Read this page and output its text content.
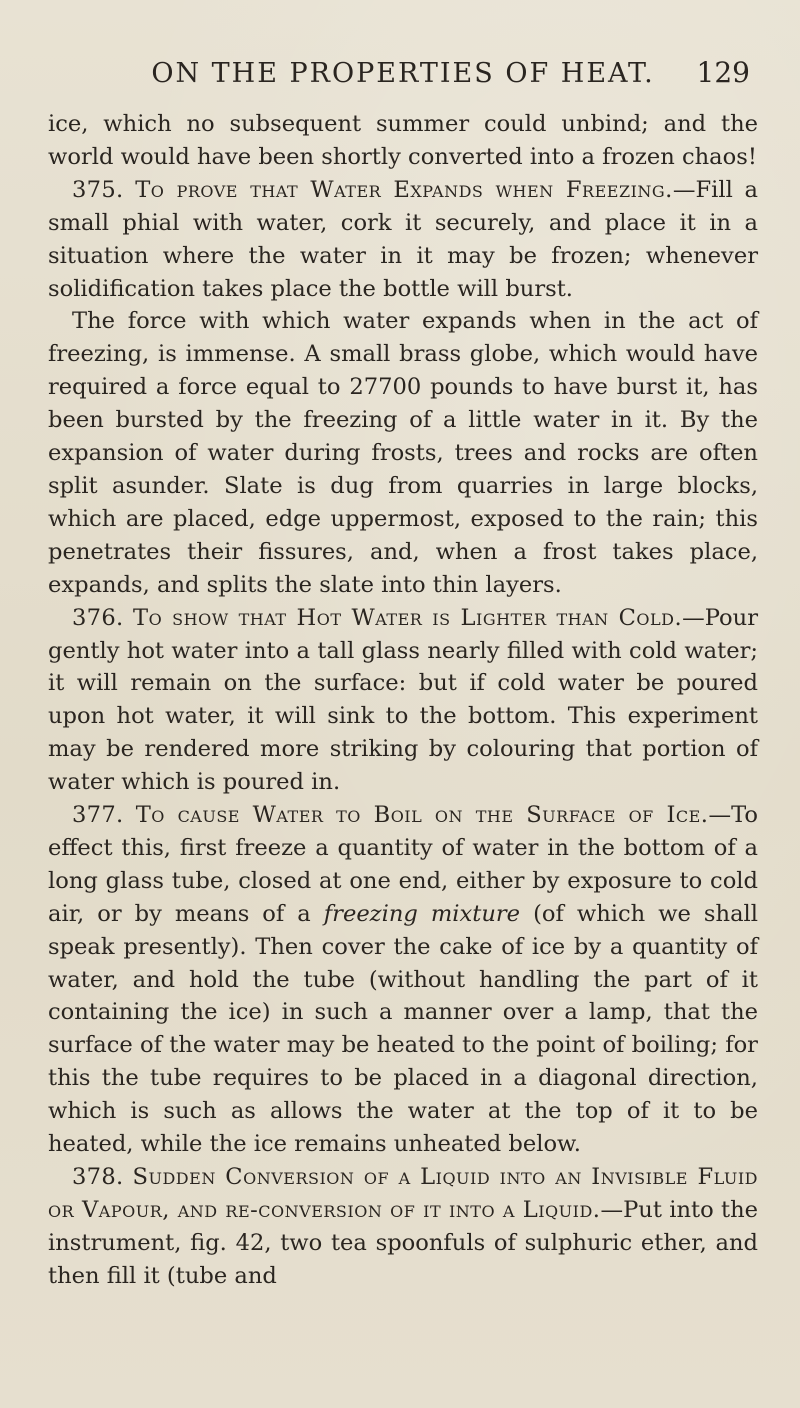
ON THE PROPERTIES OF HEAT.	129

ice, which no subsequent summer could unbind; and the world would have been shortly converted into a frozen chaos!

375. To prove that Water Expands when Freezing.—Fill a small phial with water, cork it securely, and place it in a situation where the water in it may be frozen; whenever solidification takes place the bottle will burst.

The force with which water expands when in the act of freezing, is immense. A small brass globe, which would have required a force equal to 27700 pounds to have burst it, has been bursted by the freezing of a little water in it. By the expansion of water during frosts, trees and rocks are often split asunder. Slate is dug from quarries in large blocks, which are placed, edge uppermost, exposed to the rain; this penetrates their fissures, and, when a frost takes place, expands, and splits the slate into thin layers.

376. To show that Hot Water is Lighter than Cold.—Pour gently hot water into a tall glass nearly filled with cold water; it will remain on the surface: but if cold water be poured upon hot water, it will sink to the bottom. This experiment may be rendered more striking by colouring that portion of water which is poured in.

377. To cause Water to Boil on the Surface of Ice.—To effect this, first freeze a quantity of water in the bottom of a long glass tube, closed at one end, either by exposure to cold air, or by means of a freezing mixture (of which we shall speak presently). Then cover the cake of ice by a quantity of water, and hold the tube (without handling the part of it containing the ice) in such a manner over a lamp, that the surface of the water may be heated to the point of boiling; for this the tube requires to be placed in a diagonal direction, which is such as allows the water at the top of it to be heated, while the ice remains unheated below.

378. Sudden Conversion of a Liquid into an Invisible Fluid or Vapour, and re-conversion of it into a Liquid.—Put into the instrument, fig. 42, two tea spoonfuls of sulphuric ether, and then fill it (tube and
